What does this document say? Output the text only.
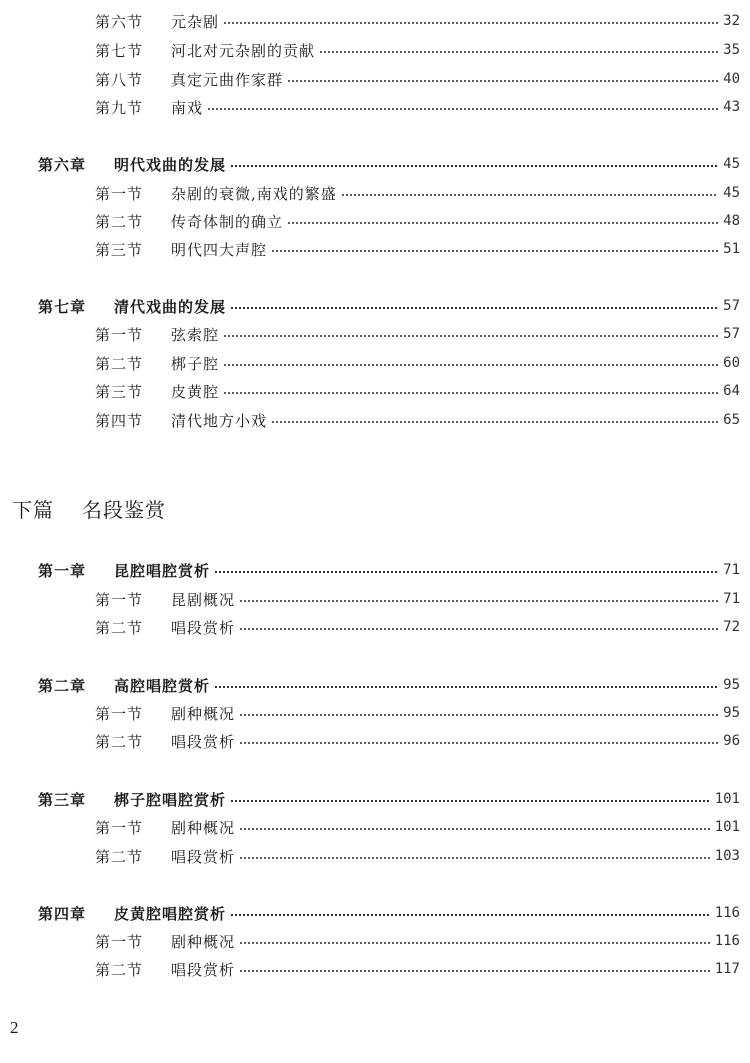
第六节	元杂剧	32
第七节	河北对元杂剧的贡献	35
第八节	真定元曲作家群	40
第九节	南戏	43
第六章	明代戏曲的发展	45
第一节	杂剧的衰微,南戏的繁盛	45
第二节	传奇体制的确立	48
第三节	明代四大声腔	51
第七章	清代戏曲的发展	57
第一节	弦索腔	57
第二节	梆子腔	60
第三节	皮黄腔	64
第四节	清代地方小戏	65
下篇 名段鉴赏
第一章	昆腔唱腔赏析	71
第一节	昆剧概况	71
第二节	唱段赏析	72
第二章	高腔唱腔赏析	95
第一节	剧种概况	95
第二节	唱段赏析	96
第三章	梆子腔唱腔赏析	101
第一节	剧种概况	101
第二节	唱段赏析	103
第四章	皮黄腔唱腔赏析	116
第一节	剧种概况	116
第二节	唱段赏析	117
2
